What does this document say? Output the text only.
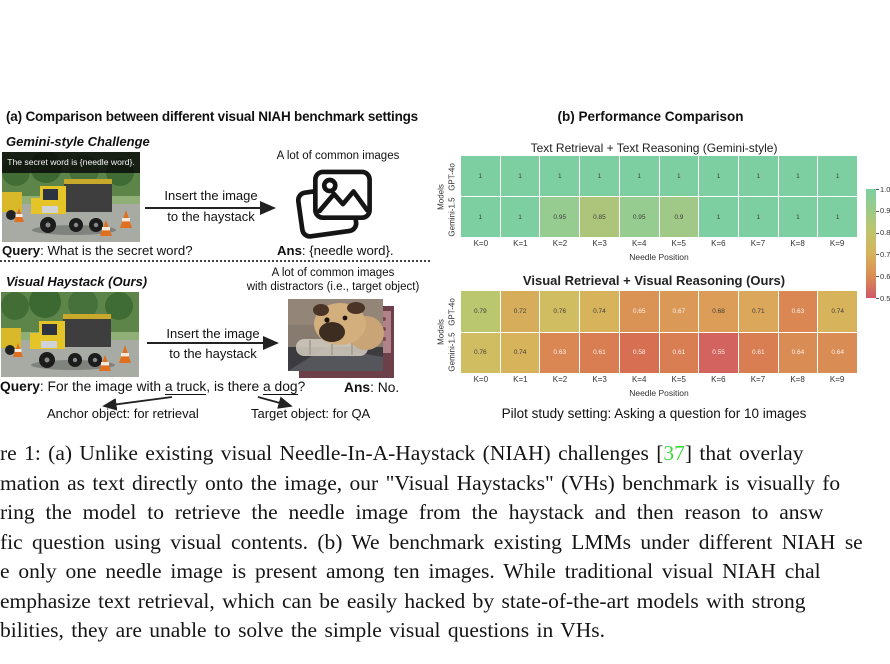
(a) Comparison between different visual NIAH benchmark settings
Gemini-style Challenge
The secret word is {needle word}.
Insert the image
to the haystack
A lot of common images
Query: What is the secret word?	Ans: {needle word}.
Visual Haystack (Ours)
A lot of common images
with distractors (i.e., target object)
Insert the image
to the haystack
Query: For the image with a truck, is there a dog?	Ans: No.
Anchor object: for retrieval	Target object: for QA
(b) Performance Comparison
Text Retrieval + Text Reasoning (Gemini-style)
1	1	1	1	1	1	1	1	1	1
1	1	0.95	0.85	0.95	0.9	1	1	1	1
K=0	K=1	K=2	K=3	K=4	K=5	K=6	K=7	K=8	K=9
Needle Position
GPT-4o
Gemini-1.5
Models
Visual Retrieval + Visual Reasoning (Ours)
0.79	0.72	0.76	0.74	0.65	0.67	0.68	0.71	0.63	0.74
0.76	0.74	0.63	0.61	0.58	0.61	0.55	0.61	0.64	0.64
K=0	K=1	K=2	K=3	K=4	K=5	K=6	K=7	K=8	K=9
Needle Position
GPT-4o
Gemini-1.5
Models
1.0
0.9
0.8
0.7
0.6
0.5
Pilot study setting: Asking a question for 10 images
re 1: (a) Unlike existing visual Needle-In-A-Haystack (NIAH) challenges [37] that overlay
mation as text directly onto the image, our "Visual Haystacks" (VHs) benchmark is visually fo
ring the model to retrieve the needle image from the haystack and then reason to answ
fic question using visual contents. (b) We benchmark existing LMMs under different NIAH se
e only one needle image is present among ten images. While traditional visual NIAH chal
emphasize text retrieval, which can be easily hacked by state-of-the-art models with strong
bilities, they are unable to solve the simple visual questions in VHs.
